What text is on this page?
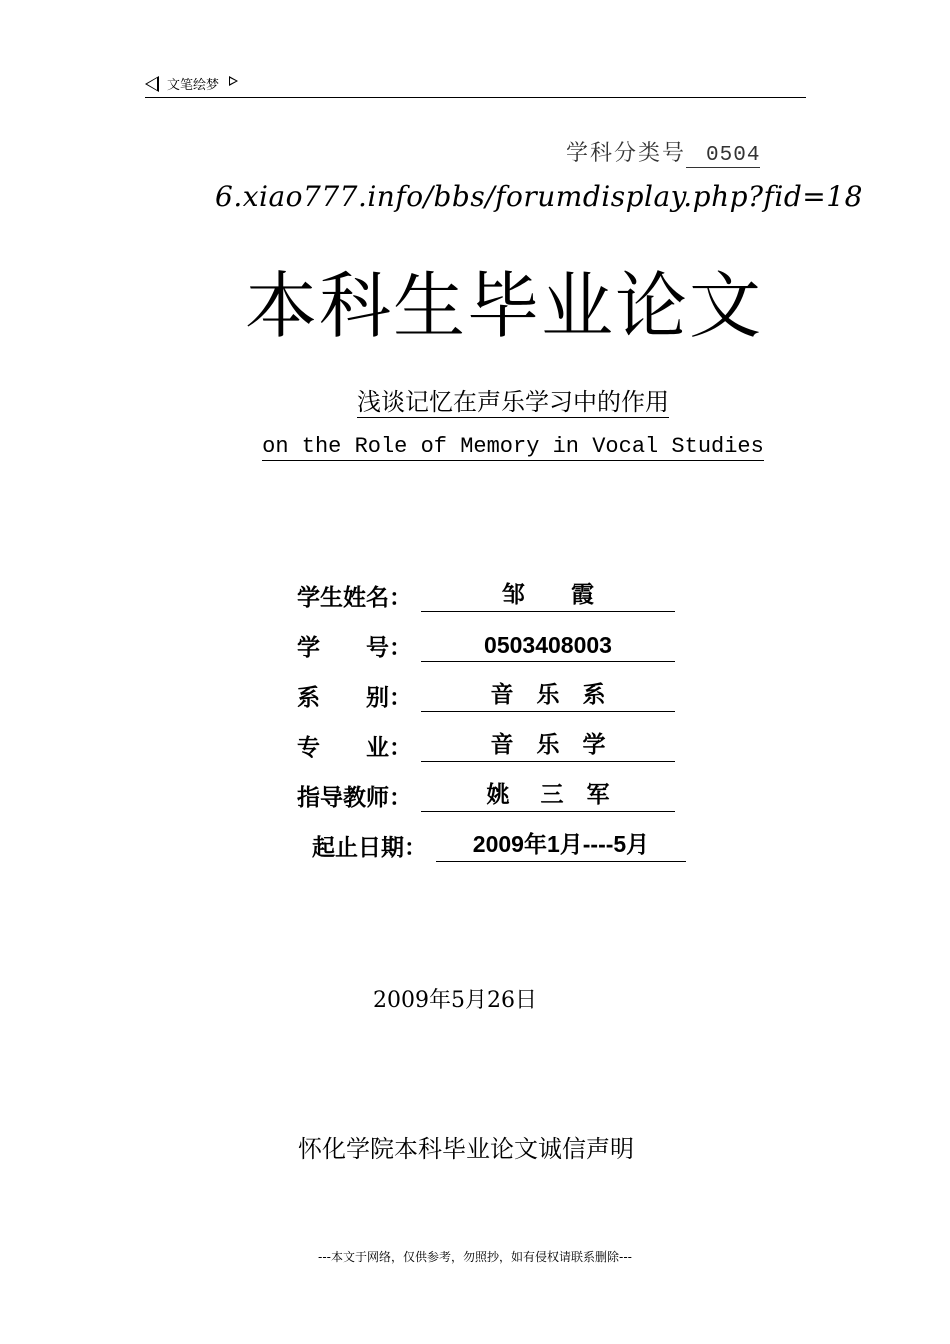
文笔绘梦
学科分类号 0504
6.xiao777.info/bbs/forumdisplay.php?fid=18
本科生毕业论文
浅谈记忆在声乐学习中的作用
on the Role of Memory in Vocal Studies
学生姓名：	邹　　霞
学　　号：	0503408003
系　　别：	音　乐　系
专　　业：	音　乐　学
指导教师：	姚　 三　军
起止日期：	2009年1月----5月
2009年5月26日
怀化学院本科毕业论文诚信声明
---本文于网络，仅供参考，勿照抄，如有侵权请联系删除---
